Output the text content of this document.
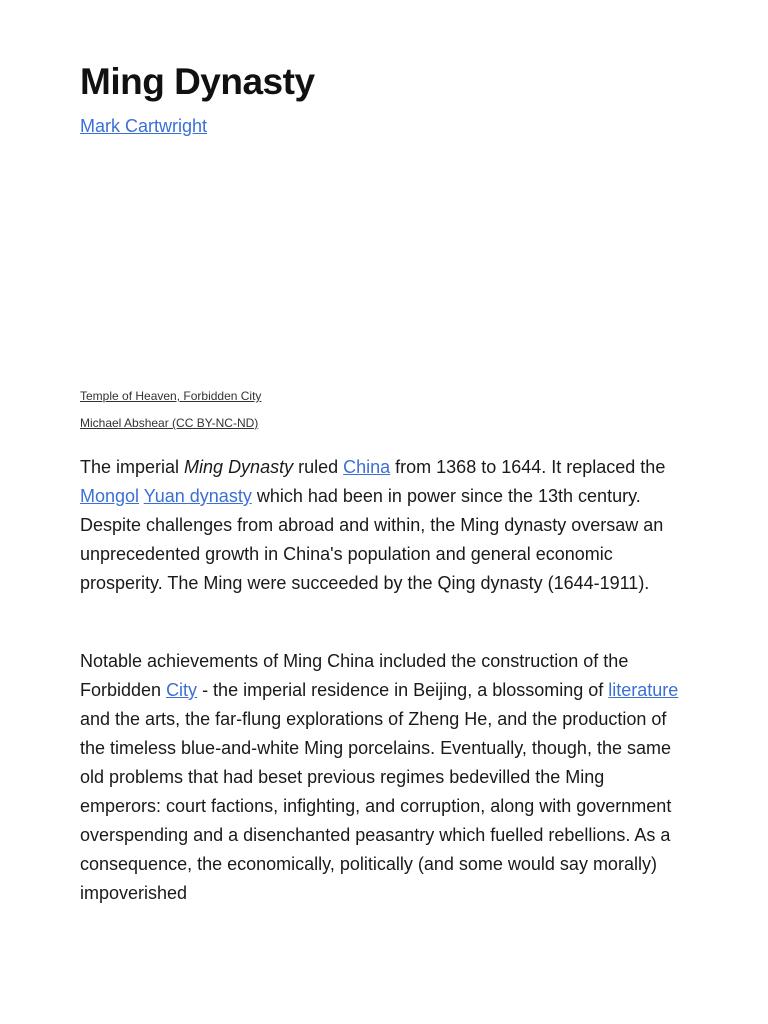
Ming Dynasty
Mark Cartwright
Temple of Heaven, Forbidden City
Michael Abshear (CC BY-NC-ND)

The imperial Ming Dynasty ruled China from 1368 to 1644. It replaced the Mongol Yuan dynasty which had been in power since the 13th century. Despite challenges from abroad and within, the Ming dynasty oversaw an unprecedented growth in China's population and general economic prosperity. The Ming were succeeded by the Qing dynasty (1644-1911).

Notable achievements of Ming China included the construction of the Forbidden City - the imperial residence in Beijing, a blossoming of literature and the arts, the far-flung explorations of Zheng He, and the production of the timeless blue-and-white Ming porcelains. Eventually, though, the same old problems that had beset previous regimes bedevilled the Ming emperors: court factions, infighting, and corruption, along with government overspending and a disenchanted peasantry which fuelled rebellions. As a consequence, the economically, politically (and some would say morally) impoverished
